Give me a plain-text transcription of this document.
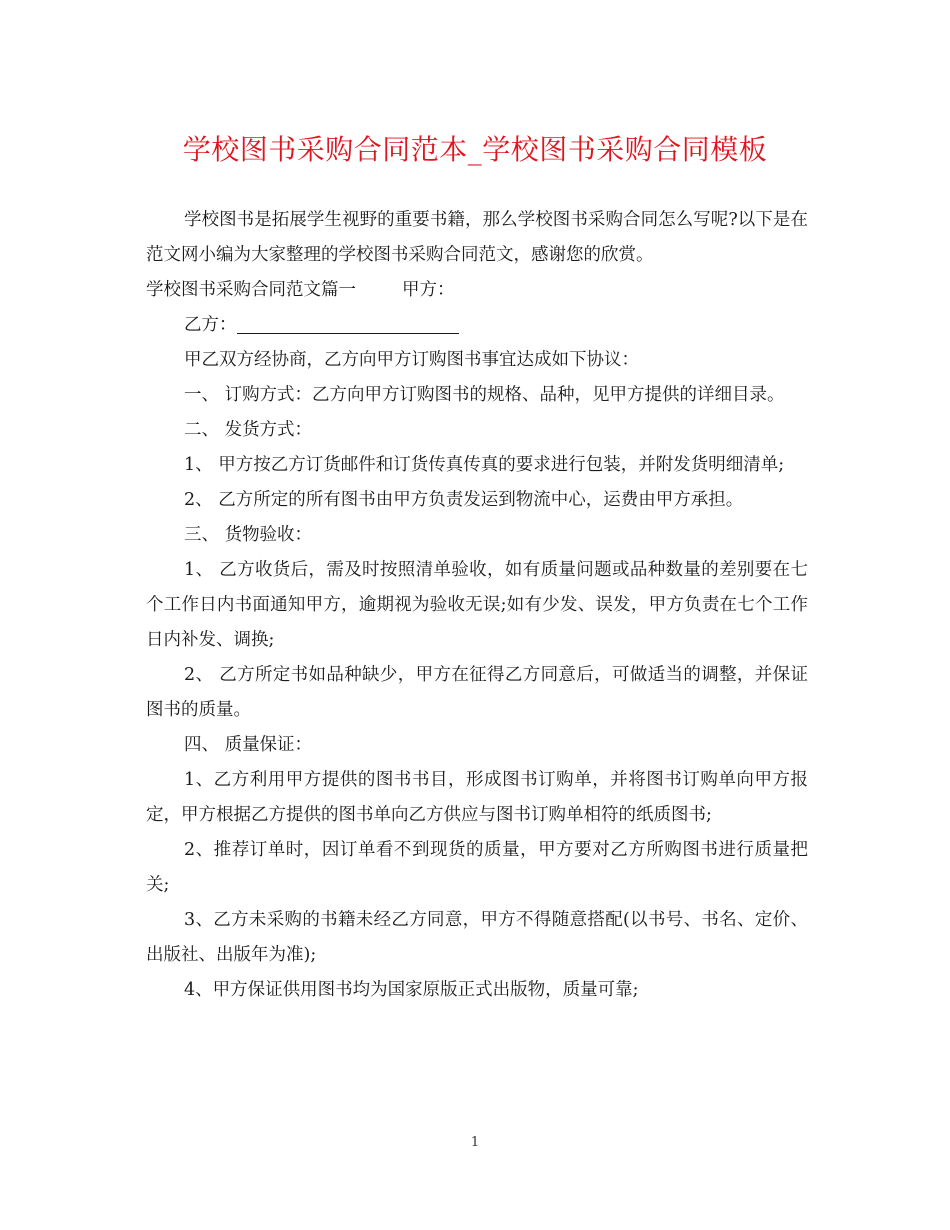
学校图书采购合同范本_学校图书采购合同模板

学校图书是拓展学生视野的重要书籍，那么学校图书采购合同怎么写呢?以下是在范文网小编为大家整理的学校图书采购合同范文，感谢您的欣赏。

学校图书采购合同范文篇一	甲方：

乙方：

甲乙双方经协商，乙方向甲方订购图书事宜达成如下协议：

一、 订购方式：乙方向甲方订购图书的规格、品种，见甲方提供的详细目录。

二、 发货方式：

1、 甲方按乙方订货邮件和订货传真传真的要求进行包装，并附发货明细清单;

2、 乙方所定的所有图书由甲方负责发运到物流中心，运费由甲方承担。

三、 货物验收：

1、 乙方收货后，需及时按照清单验收，如有质量问题或品种数量的差别要在七个工作日内书面通知甲方，逾期视为验收无误;如有少发、误发，甲方负责在七个工作日内补发、调换;

2、 乙方所定书如品种缺少，甲方在征得乙方同意后，可做适当的调整，并保证图书的质量。

四、 质量保证：

1、乙方利用甲方提供的图书书目，形成图书订购单，并将图书订购单向甲方报定，甲方根据乙方提供的图书单向乙方供应与图书订购单相符的纸质图书;

2、推荐订单时，因订单看不到现货的质量，甲方要对乙方所购图书进行质量把关;

3、乙方未采购的书籍未经乙方同意，甲方不得随意搭配(以书号、书名、定价、出版社、出版年为准);

4、甲方保证供用图书均为国家原版正式出版物，质量可靠;

1
